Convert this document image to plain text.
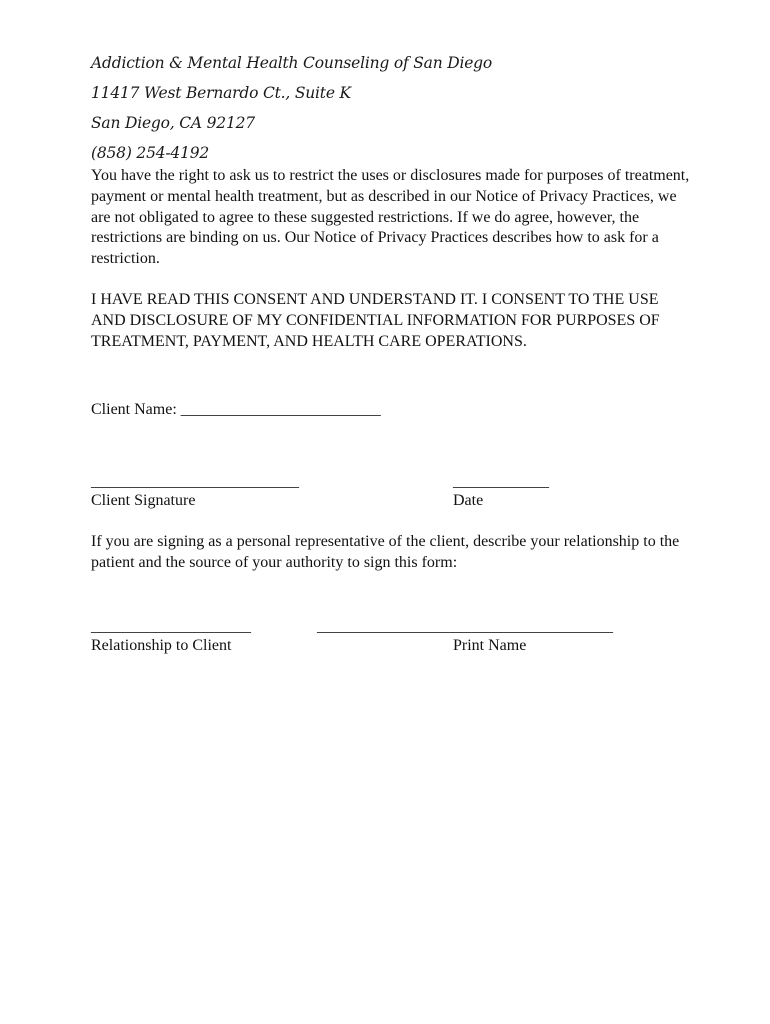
Addiction & Mental Health Counseling of San Diego
11417 West Bernardo Ct., Suite K
San Diego, CA 92127
(858) 254-4192
You have the right to ask us to restrict the uses or disclosures made for purposes of treatment, payment or mental health treatment, but as described in our Notice of Privacy Practices, we are not obligated to agree to these suggested restrictions. If we do agree, however, the restrictions are binding on us. Our Notice of Privacy Practices describes how to ask for a restriction.
I HAVE READ THIS CONSENT AND UNDERSTAND IT. I CONSENT TO THE USE AND DISCLOSURE OF MY CONFIDENTIAL INFORMATION FOR PURPOSES OF TREATMENT, PAYMENT, AND HEALTH CARE OPERATIONS.
Client Name: _________________________
__________________________	____________
Client Signature	Date
If you are signing as a personal representative of the client, describe your relationship to the patient and the source of your authority to sign this form:
____________________	_____________________________________
Relationship to Client	Print Name
